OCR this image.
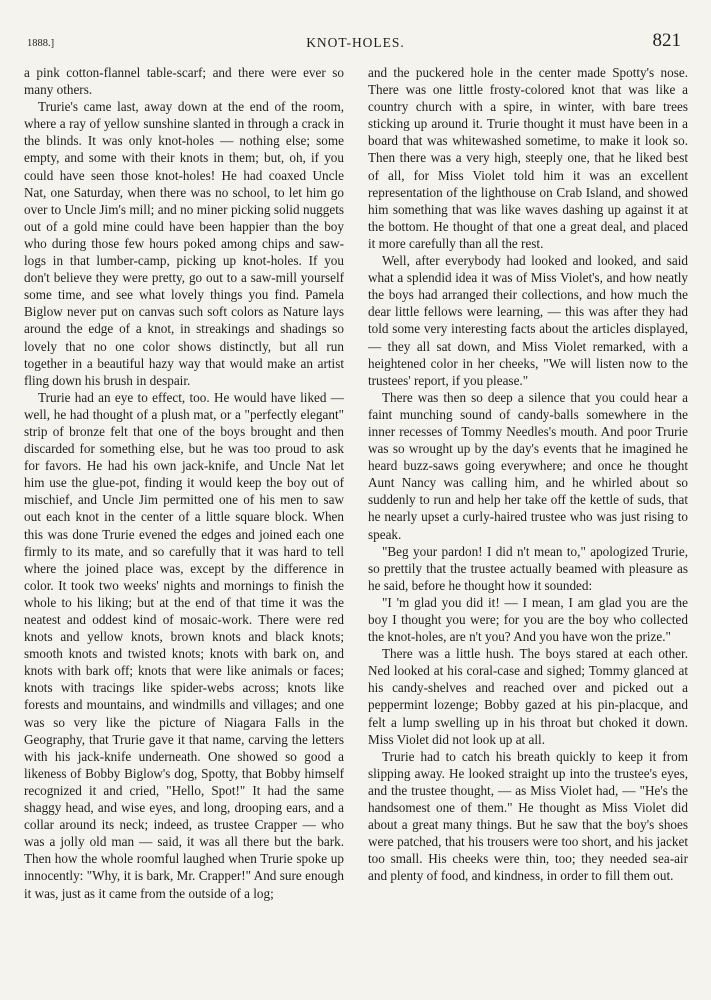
1888.]	KNOT-HOLES.	821

a pink cotton-flannel table-scarf; and there were ever so many others.

Trurie's came last, away down at the end of the room, where a ray of yellow sunshine slanted in through a crack in the blinds. It was only knot-holes — nothing else; some empty, and some with their knots in them; but, oh, if you could have seen those knot-holes! He had coaxed Uncle Nat, one Saturday, when there was no school, to let him go over to Uncle Jim's mill; and no miner picking solid nuggets out of a gold mine could have been happier than the boy who during those few hours poked among chips and saw-logs in that lumber-camp, picking up knot-holes. If you don't believe they were pretty, go out to a saw-mill yourself some time, and see what lovely things you find. Pamela Biglow never put on canvas such soft colors as Nature lays around the edge of a knot, in streakings and shadings so lovely that no one color shows distinctly, but all run together in a beautiful hazy way that would make an artist fling down his brush in despair.

Trurie had an eye to effect, too. He would have liked — well, he had thought of a plush mat, or a "perfectly elegant" strip of bronze felt that one of the boys brought and then discarded for something else, but he was too proud to ask for favors. He had his own jack-knife, and Uncle Nat let him use the glue-pot, finding it would keep the boy out of mischief, and Uncle Jim permitted one of his men to saw out each knot in the center of a little square block. When this was done Trurie evened the edges and joined each one firmly to its mate, and so carefully that it was hard to tell where the joined place was, except by the difference in color. It took two weeks' nights and mornings to finish the whole to his liking; but at the end of that time it was the neatest and oddest kind of mosaic-work. There were red knots and yellow knots, brown knots and black knots; smooth knots and twisted knots; knots with bark on, and knots with bark off; knots that were like animals or faces; knots with tracings like spider-webs across; knots like forests and mountains, and windmills and villages; and one was so very like the picture of Niagara Falls in the Geography, that Trurie gave it that name, carving the letters with his jack-knife underneath. One showed so good a likeness of Bobby Biglow's dog, Spotty, that Bobby himself recognized it and cried, "Hello, Spot!" It had the same shaggy head, and wise eyes, and long, drooping ears, and a collar around its neck; indeed, as trustee Crapper — who was a jolly old man — said, it was all there but the bark. Then how the whole roomful laughed when Trurie spoke up innocently: "Why, it is bark, Mr. Crapper!" And sure enough it was, just as it came from the outside of a log;

and the puckered hole in the center made Spotty's nose. There was one little frosty-colored knot that was like a country church with a spire, in winter, with bare trees sticking up around it. Trurie thought it must have been in a board that was whitewashed sometime, to make it look so. Then there was a very high, steeply one, that he liked best of all, for Miss Violet told him it was an excellent representation of the lighthouse on Crab Island, and showed him something that was like waves dashing up against it at the bottom. He thought of that one a great deal, and placed it more carefully than all the rest.

Well, after everybody had looked and looked, and said what a splendid idea it was of Miss Violet's, and how neatly the boys had arranged their collections, and how much the dear little fellows were learning, — this was after they had told some very interesting facts about the articles displayed, — they all sat down, and Miss Violet remarked, with a heightened color in her cheeks, "We will listen now to the trustees' report, if you please."

There was then so deep a silence that you could hear a faint munching sound of candy-balls somewhere in the inner recesses of Tommy Needles's mouth. And poor Trurie was so wrought up by the day's events that he imagined he heard buzz-saws going everywhere; and once he thought Aunt Nancy was calling him, and he whirled about so suddenly to run and help her take off the kettle of suds, that he nearly upset a curly-haired trustee who was just rising to speak.

"Beg your pardon! I did n't mean to," apologized Trurie, so prettily that the trustee actually beamed with pleasure as he said, before he thought how it sounded:

"I 'm glad you did it! — I mean, I am glad you are the boy I thought you were; for you are the boy who collected the knot-holes, are n't you? And you have won the prize."

There was a little hush. The boys stared at each other. Ned looked at his coral-case and sighed; Tommy glanced at his candy-shelves and reached over and picked out a peppermint lozenge; Bobby gazed at his pin-placque, and felt a lump swelling up in his throat but choked it down. Miss Violet did not look up at all.

Trurie had to catch his breath quickly to keep it from slipping away. He looked straight up into the trustee's eyes, and the trustee thought, — as Miss Violet had, — "He's the handsomest one of them." He thought as Miss Violet did about a great many things. But he saw that the boy's shoes were patched, that his trousers were too short, and his jacket too small. His cheeks were thin, too; they needed sea-air and plenty of food, and kindness, in order to fill them out.
